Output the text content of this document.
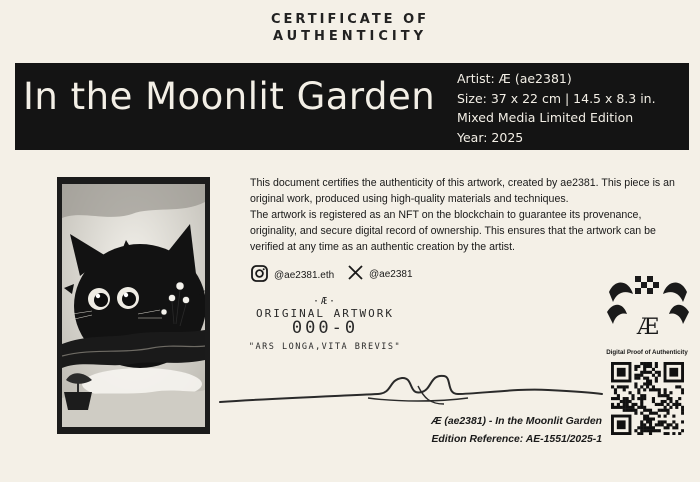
CERTIFICATE OF
AUTHENTICITY
In the Moonlit Garden Artist: Æ (ae2381)
Size: 37 x 22 cm | 14.5 x 8.3 in.
Mixed Media Limited Edition
Year: 2025

This document certifies the authenticity of this artwork, created by ae2381. This piece is an original work, produced using high-quality materials and techniques.

The artwork is registered as an NFT on the blockchain to guarantee its provenance, originality, and secure digital record of ownership. This ensures that the artwork can be verified at any time as an authentic creation by the artist.

@ae2381.eth	@ae2381
·Æ·
ORIGINAL ARTWORK
000-0
"ARS LONGA,VITA BREVIS"
Æ (ae2381) - In the Moonlit Garden
Edition Reference: AE-1551/2025-1
Æ
Digital Proof of Authenticity
